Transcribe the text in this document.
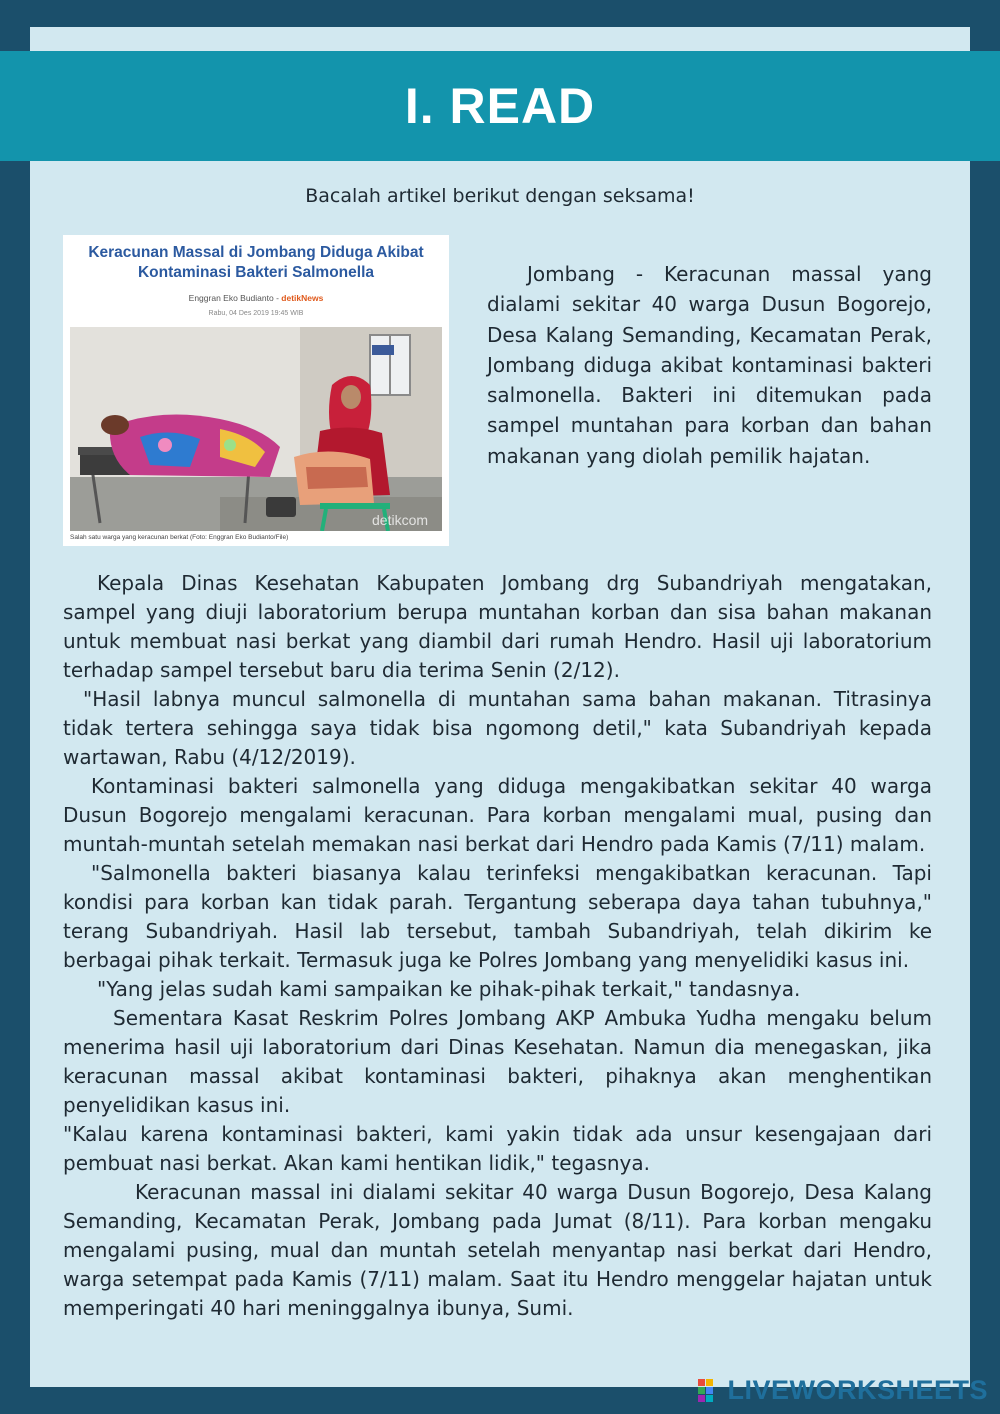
I. READ
Bacalah artikel berikut dengan seksama!
Keracunan Massal di Jombang Diduga Akibat
Kontaminasi Bakteri Salmonella
Enggran Eko Budianto - detikNews
Rabu, 04 Des 2019 19:45 WIB
detikcom
Salah satu warga yang keracunan berkat (Foto: Enggran Eko Budianto/File)

Jombang - Keracunan massal yang dialami sekitar 40 warga Dusun Bogorejo, Desa Kalang Semanding, Kecamatan Perak, Jombang diduga akibat kontaminasi bakteri salmonella. Bakteri ini ditemukan pada sampel muntahan para korban dan bahan makanan yang diolah pemilik hajatan.

Kepala Dinas Kesehatan Kabupaten Jombang drg Subandriyah mengatakan, sampel yang diuji laboratorium berupa muntahan korban dan sisa bahan makanan untuk membuat nasi berkat yang diambil dari rumah Hendro. Hasil uji laboratorium terhadap sampel tersebut baru dia terima Senin (2/12).

"Hasil labnya muncul salmonella di muntahan sama bahan makanan. Titrasinya tidak tertera sehingga saya tidak bisa ngomong detil," kata Subandriyah kepada wartawan, Rabu (4/12/2019).

Kontaminasi bakteri salmonella yang diduga mengakibatkan sekitar 40 warga Dusun Bogorejo mengalami keracunan. Para korban mengalami mual, pusing dan muntah-muntah setelah memakan nasi berkat dari Hendro pada Kamis (7/11) malam.

"Salmonella bakteri biasanya kalau terinfeksi mengakibatkan keracunan. Tapi kondisi para korban kan tidak parah. Tergantung seberapa daya tahan tubuhnya," terang Subandriyah. Hasil lab tersebut, tambah Subandriyah, telah dikirim ke berbagai pihak terkait. Termasuk juga ke Polres Jombang yang menyelidiki kasus ini.

"Yang jelas sudah kami sampaikan ke pihak-pihak terkait," tandasnya.

Sementara Kasat Reskrim Polres Jombang AKP Ambuka Yudha mengaku belum menerima hasil uji laboratorium dari Dinas Kesehatan. Namun dia menegaskan, jika keracunan massal akibat kontaminasi bakteri, pihaknya akan menghentikan penyelidikan kasus ini.

"Kalau karena kontaminasi bakteri, kami yakin tidak ada unsur kesengajaan dari pembuat nasi berkat. Akan kami hentikan lidik," tegasnya.

Keracunan massal ini dialami sekitar 40 warga Dusun Bogorejo, Desa Kalang Semanding, Kecamatan Perak, Jombang pada Jumat (8/11). Para korban mengaku mengalami pusing, mual dan muntah setelah menyantap nasi berkat dari Hendro, warga setempat pada Kamis (7/11) malam. Saat itu Hendro menggelar hajatan untuk memperingati 40 hari meninggalnya ibunya, Sumi.

LIVEWORKSHEETS
